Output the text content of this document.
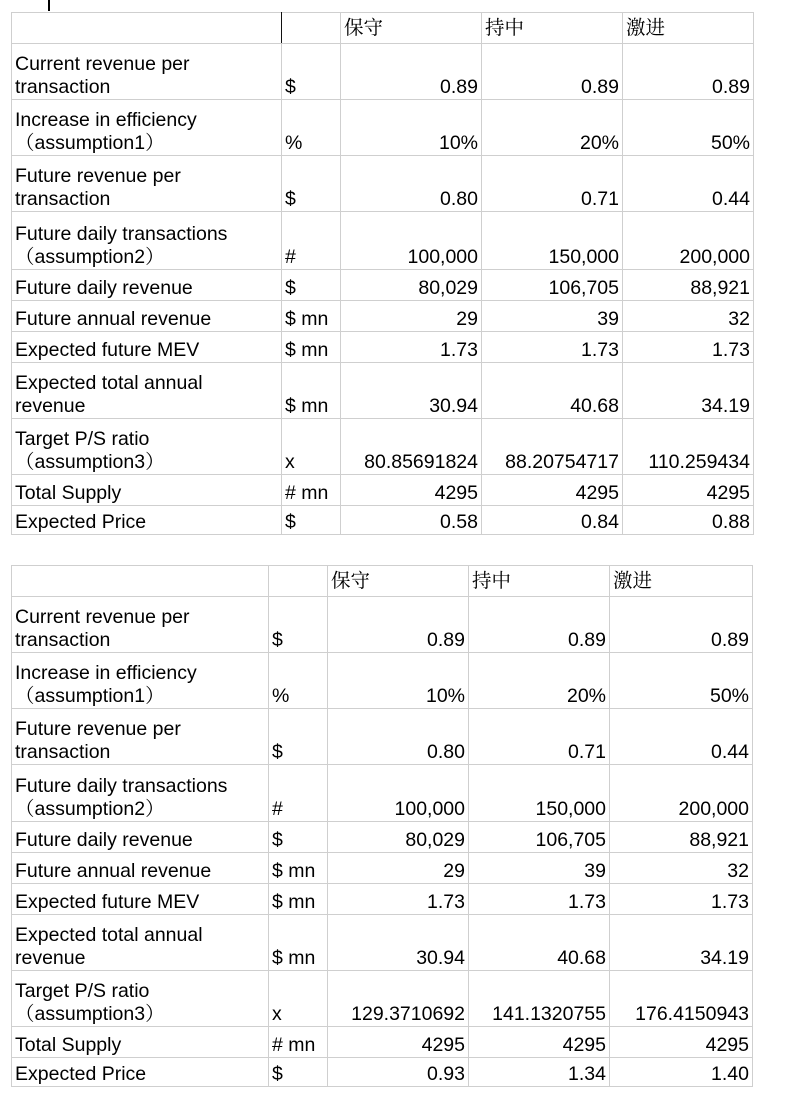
		保守	持中	激进
Current revenue per transaction	$	0.89	0.89	0.89
Increase in efficiency（assumption1）	%	10%	20%	50%
Future revenue per transaction	$	0.80	0.71	0.44
Future daily transactions（assumption2）	#	100,000	150,000	200,000
Future daily revenue	$	80,029	106,705	88,921
Future annual revenue	$ mn	29	39	32
Expected future MEV	$ mn	1.73	1.73	1.73
Expected total annual revenue	$ mn	30.94	40.68	34.19
Target P/S ratio（assumption3）	x	80.85691824	88.20754717	110.259434
Total Supply	# mn	4295	4295	4295
Expected Price	$	0.58	0.84	0.88
		保守	持中	激进
Current revenue per transaction	$	0.89	0.89	0.89
Increase in efficiency（assumption1）	%	10%	20%	50%
Future revenue per transaction	$	0.80	0.71	0.44
Future daily transactions（assumption2）	#	100,000	150,000	200,000
Future daily revenue	$	80,029	106,705	88,921
Future annual revenue	$ mn	29	39	32
Expected future MEV	$ mn	1.73	1.73	1.73
Expected total annual revenue	$ mn	30.94	40.68	34.19
Target P/S ratio（assumption3）	x	129.3710692	141.1320755	176.4150943
Total Supply	# mn	4295	4295	4295
Expected Price	$	0.93	1.34	1.40
